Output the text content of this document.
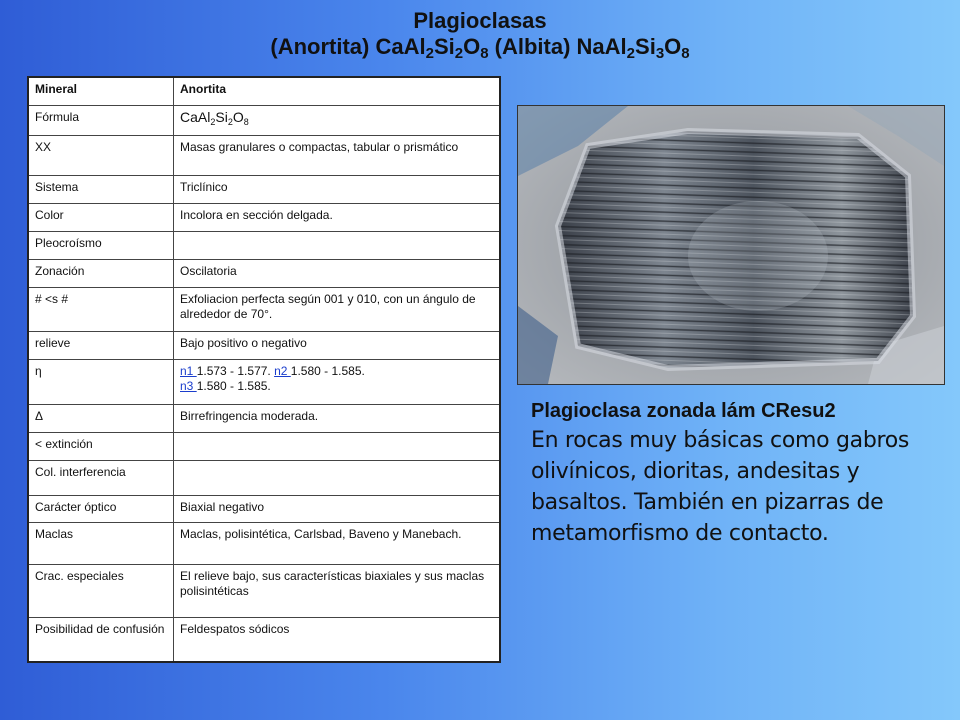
Plagioclasas
(Anortita) $CaAl_2Si_2O_8$ (Albita) $NaAl_2Si_3O_8$
Mineral	Anortita
Fórmula	$CaAl_2Si_2O_8$
XX	Masas granulares o compactas, tabular o prismático
Sistema	Triclínico
Color	Incolora en sección delgada.
Pleocroísmo	
Zonación	Oscilatoria
# <s #	Exfoliacion perfecta según 001 y 010, con un ángulo de alrededor de 70°.
relieve	Bajo positivo o negativo
η	n1 1.573 - 1.577. n2 1.580 - 1.585.
n3 1.580 - 1.585.
Δ	Birrefringencia moderada.
< extinción	
Col. interferencia	
Carácter óptico	Biaxial negativo
Maclas	Maclas, polisintética, Carlsbad, Baveno y Manebach.
Crac. especiales	El relieve bajo, sus características biaxiales y sus maclas polisintéticas
Posibilidad de confusión	Feldespatos sódicos
Plagioclasa zonada lám CResu2
En rocas muy básicas como gabros olivínicos, dioritas, andesitas y basaltos. También en pizarras de metamorfismo de contacto.
